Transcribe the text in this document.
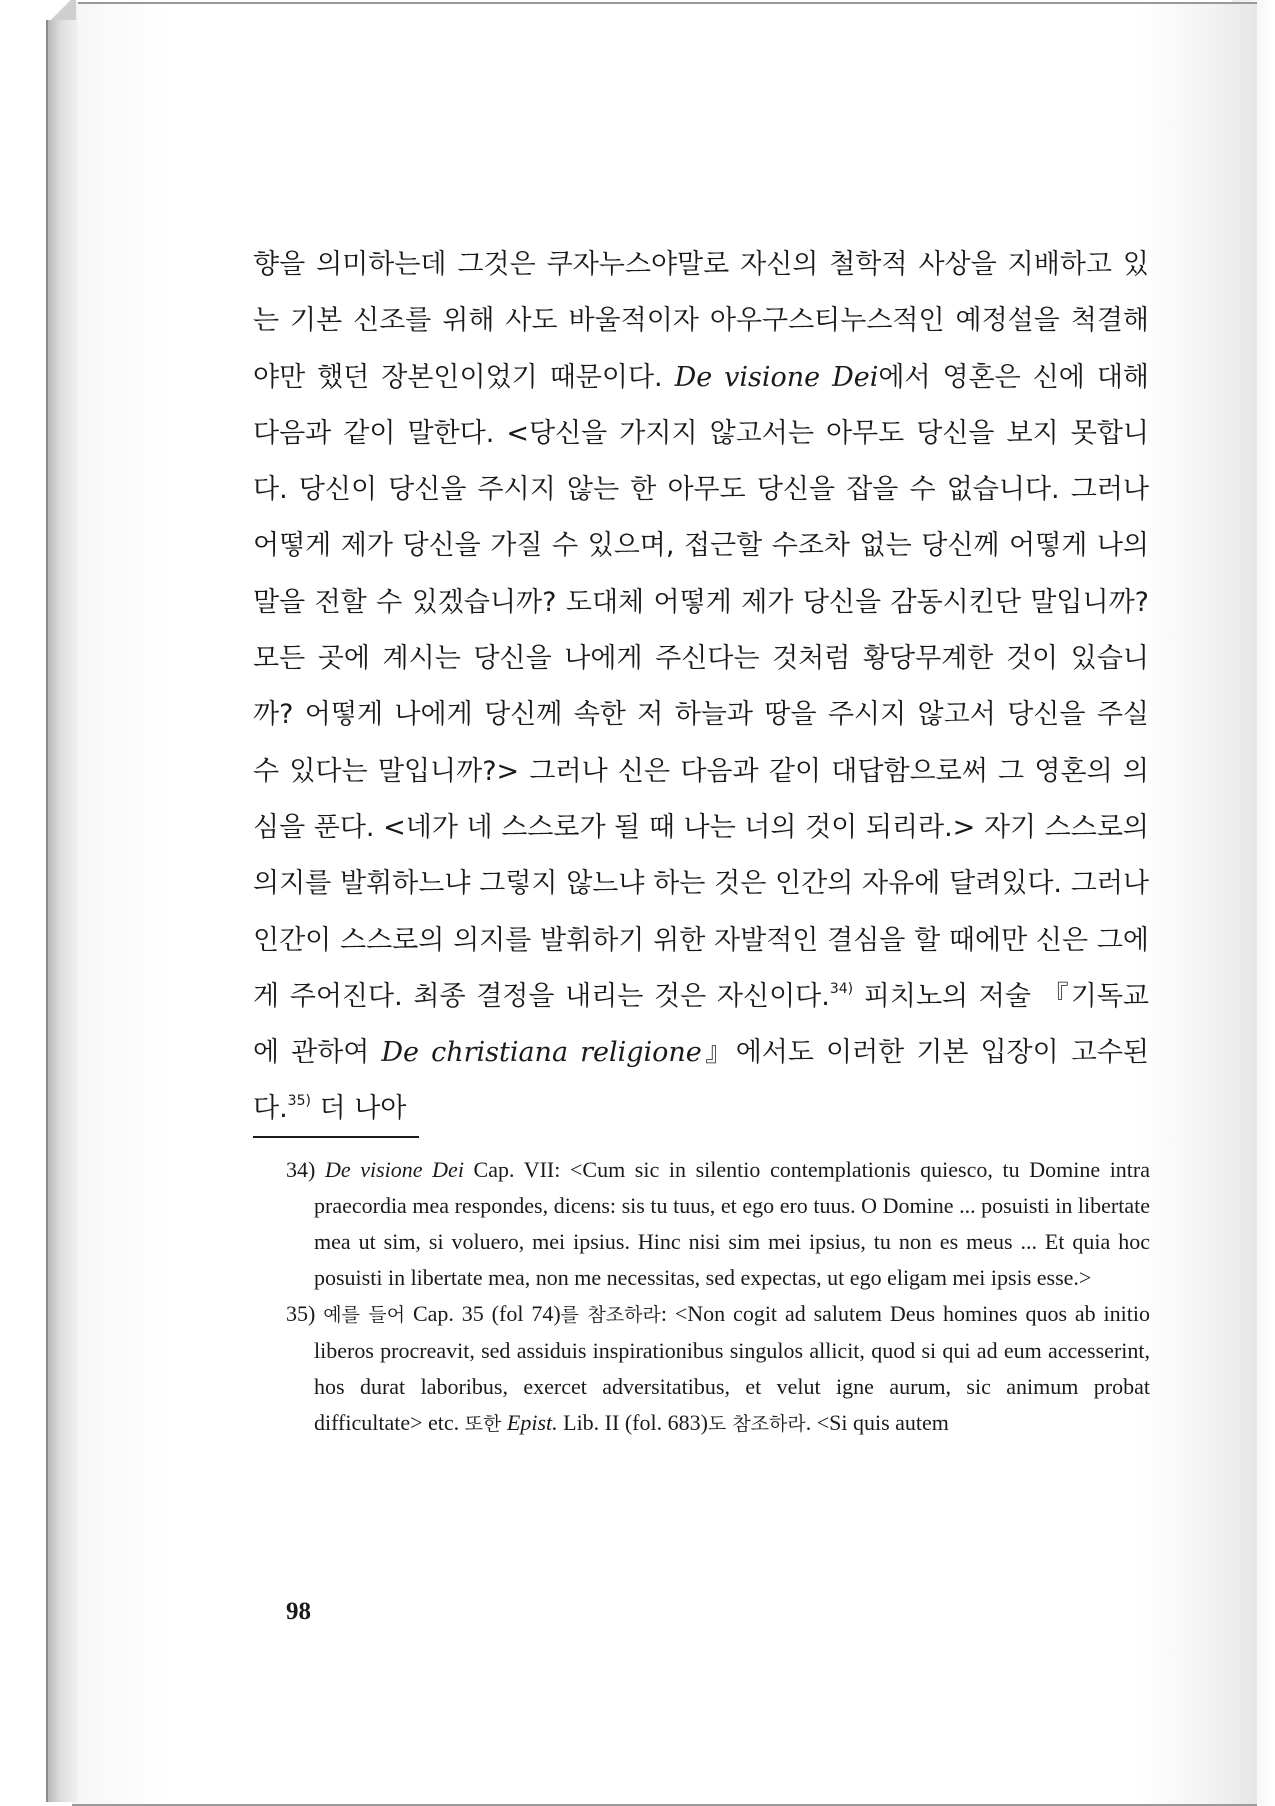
향을 의미하는데 그것은 쿠자누스야말로 자신의 철학적 사상을 지배하고 있는 기본 신조를 위해 사도 바울적이자 아우구스티누스적인 예정설을 척결해야만 했던 장본인이었기 때문이다. De visione Dei에서 영혼은 신에 대해 다음과 같이 말한다. <당신을 가지지 않고서는 아무도 당신을 보지 못합니다. 당신이 당신을 주시지 않는 한 아무도 당신을 잡을 수 없습니다. 그러나 어떻게 제가 당신을 가질 수 있으며, 접근할 수조차 없는 당신께 어떻게 나의 말을 전할 수 있겠습니까? 도대체 어떻게 제가 당신을 감동시킨단 말입니까? 모든 곳에 계시는 당신을 나에게 주신다는 것처럼 황당무계한 것이 있습니까? 어떻게 나에게 당신께 속한 저 하늘과 땅을 주시지 않고서 당신을 주실 수 있다는 말입니까?> 그러나 신은 다음과 같이 대답함으로써 그 영혼의 의심을 푼다. <네가 네 스스로가 될 때 나는 너의 것이 되리라.> 자기 스스로의 의지를 발휘하느냐 그렇지 않느냐 하는 것은 인간의 자유에 달려있다. 그러나 인간이 스스로의 의지를 발휘하기 위한 자발적인 결심을 할 때에만 신은 그에게 주어진다. 최종 결정을 내리는 것은 자신이다.$^{34)}$ 피치노의 저술 『기독교에 관하여 De christiana religione』에서도 이러한 기본 입장이 고수된다.$^{35)}$ 더 나아

34) De visione Dei Cap. VII: <Cum sic in silentio contemplationis quiesco, tu Domine intra praecordia mea respondes, dicens: sis tu tuus, et ego ero tuus. O Domine ... posuisti in libertate mea ut sim, si voluero, mei ipsius. Hinc nisi sim mei ipsius, tu non es meus ... Et quia hoc posuisti in libertate mea, non me necessitas, sed expectas, ut ego eligam mei ipsis esse.>
35) 예를 들어 Cap. 35 (fol 74)를 참조하라: <Non cogit ad salutem Deus homines quos ab initio liberos procreavit, sed assiduis inspirationibus singulos allicit, quod si qui ad eum accesserint, hos durat laboribus, exercet adversitatibus, et velut igne aurum, sic animum probat difficultate> etc. 또한 Epist. Lib. II (fol. 683)도 참조하라. <Si quis autem
98
